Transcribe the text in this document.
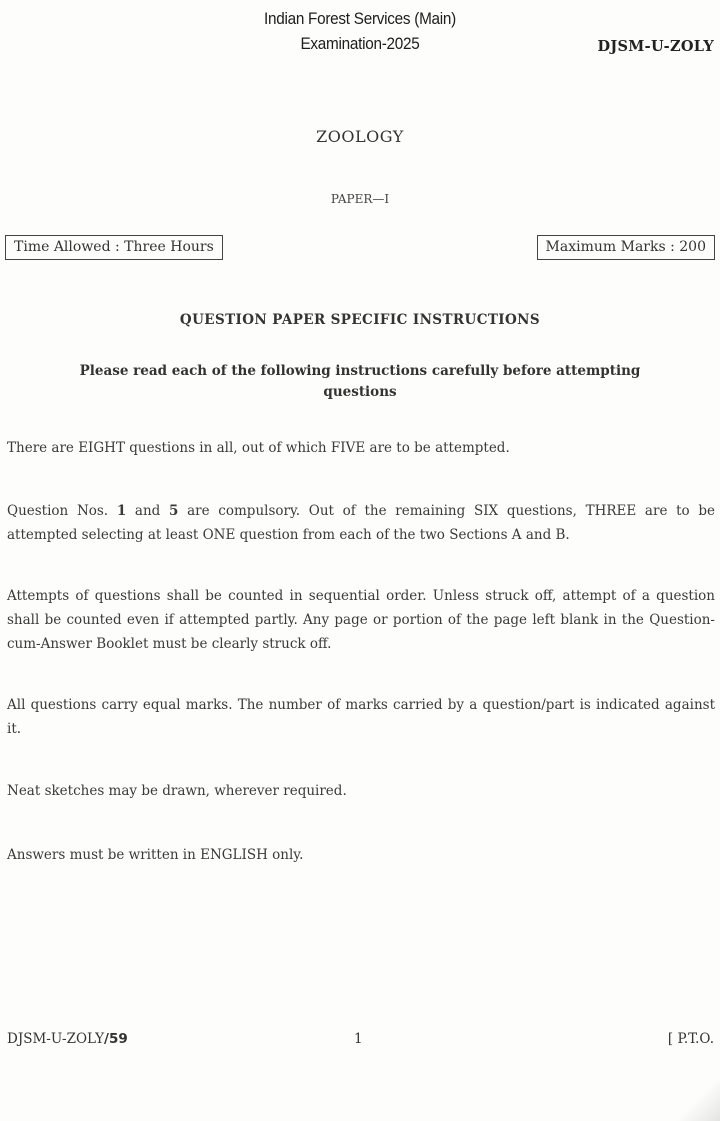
Indian Forest Services (Main)
Examination-2025	DJSM-U-ZOLY
ZOOLOGY
PAPER—I
Time Allowed : Three Hours	Maximum Marks : 200
QUESTION PAPER SPECIFIC INSTRUCTIONS
Please read each of the following instructions carefully before attempting questions
There are EIGHT questions in all, out of which FIVE are to be attempted.
Question Nos. 1 and 5 are compulsory. Out of the remaining SIX questions, THREE are to be attempted selecting at least ONE question from each of the two Sections A and B.
Attempts of questions shall be counted in sequential order. Unless struck off, attempt of a question shall be counted even if attempted partly. Any page or portion of the page left blank in the Question-cum-Answer Booklet must be clearly struck off.
All questions carry equal marks. The number of marks carried by a question/part is indicated against it.
Neat sketches may be drawn, wherever required.
Answers must be written in ENGLISH only.
DJSM-U-ZOLY/59	1	[ P.T.O.
